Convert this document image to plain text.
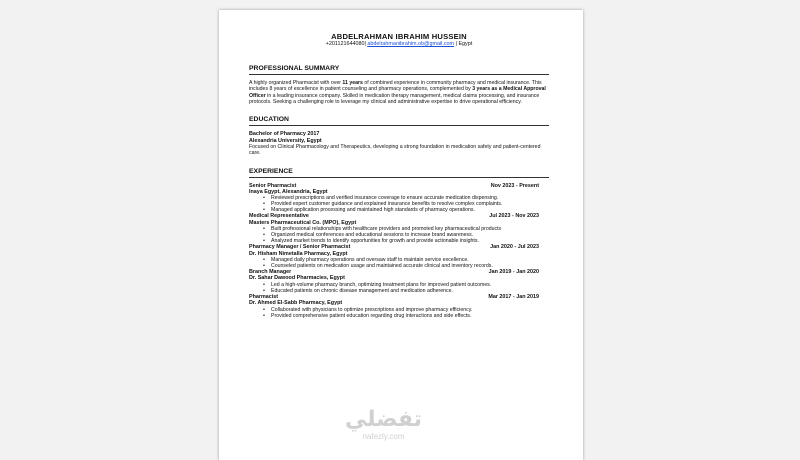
ABDELRAHMAN IBRAHIM HUSSEIN
+201121644080| abdelrahmanibrahim.ob@gmail.com | Egypt
PROFESSIONAL SUMMARY
A highly organized Pharmacist with over 11 years of combined experience in community pharmacy and medical insurance. This includes 8 years of excellence in patient counseling and pharmacy operations, complemented by 3 years as a Medical Approval Officer in a leading insurance company. Skilled in medication therapy management, medical claims processing, and insurance protocols. Seeking a challenging role to leverage my clinical and administrative expertise to drive operational efficiency.
EDUCATION
Bachelor of Pharmacy 2017
Alexandria University, Egypt
Focused on Clinical Pharmacology and Therapeutics, developing a strong foundation in medication safety and patient-centered care.
EXPERIENCE
Senior Pharmacist	Nov 2023 - Present
Inaya Egypt, Alexandria, Egypt
• Reviewed prescriptions and verified insurance coverage to ensure accurate medication dispensing.
• Provided expert customer guidance and explained insurance benefits to resolve complex complaints.
• Managed application processing and maintained high standards of pharmacy operations.
Medical Representative	Jul 2023 - Nov 2023
Masters Pharmaceutical Co. (MPO), Egypt
• Built professional relationships with healthcare providers and promoted key pharmaceutical products
• Organized medical conferences and educational sessions to increase brand awareness.
• Analyzed market trends to identify opportunities for growth and provide actionable insights.
Pharmacy Manager / Senior Pharmacist	Jan 2020 - Jul 2023
Dr. Hisham Nimetalla Pharmacy, Egypt
• Managed daily pharmacy operations and oversaw staff to maintain service excellence.
• Counseled patients on medication usage and maintained accurate clinical and inventory records.
Branch Manager	Jan 2019 - Jan 2020
Dr. Sahar Dawood Pharmacies, Egypt
• Led a high-volume pharmacy branch, optimizing treatment plans for improved patient outcomes.
• Educated patients on chronic disease management and medication adherence.
Pharmacist	Mar 2017 - Jan 2019
Dr. Ahmed El-Sabb Pharmacy, Egypt
• Collaborated with physicians to optimize prescriptions and improve pharmacy efficiency.
• Provided comprehensive patient education regarding drug interactions and side effects.
تفضلي
nafezly.com
